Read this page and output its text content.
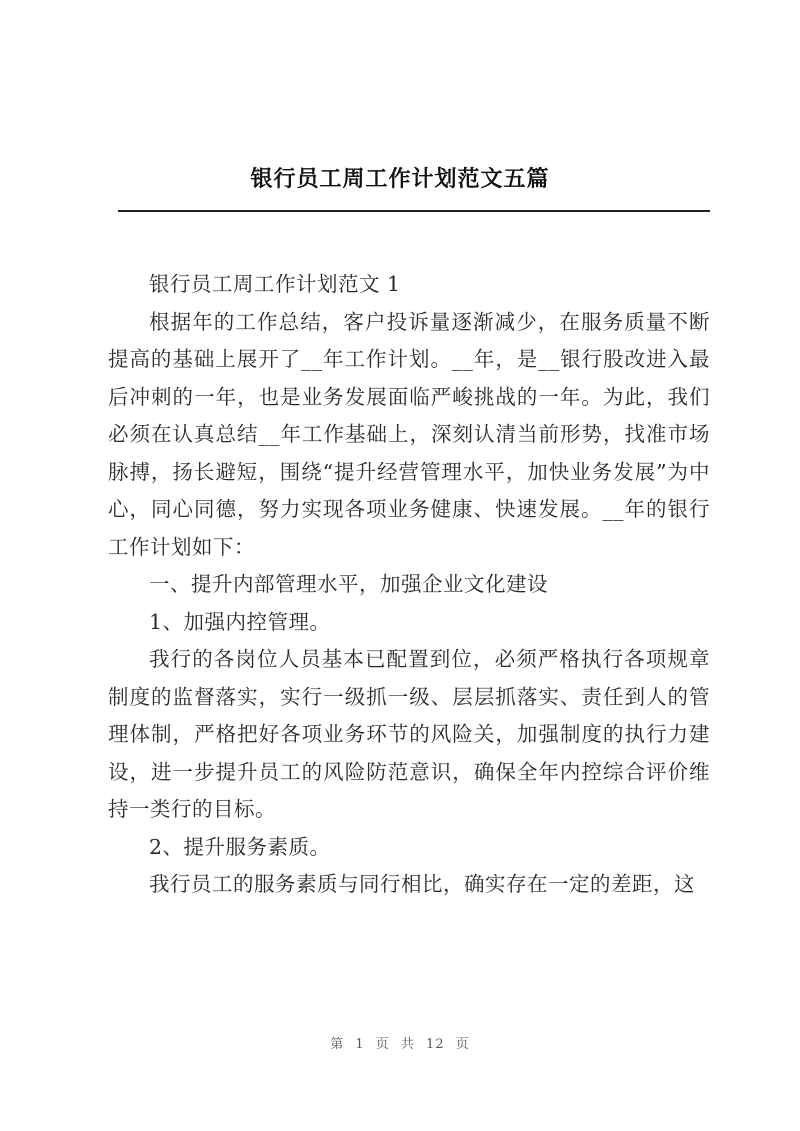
银行员工周工作计划范文五篇

银行员工周工作计划范文 1

根据年的工作总结，客户投诉量逐渐减少，在服务质量不断提高的基础上展开了__年工作计划。__年，是__银行股改进入最后冲刺的一年，也是业务发展面临严峻挑战的一年。为此，我们必须在认真总结__年工作基础上，深刻认清当前形势，找准市场脉搏，扬长避短，围绕“提升经营管理水平，加快业务发展”为中心，同心同德，努力实现各项业务健康、快速发展。__年的银行工作计划如下：

一、提升内部管理水平，加强企业文化建设

1、加强内控管理。

我行的各岗位人员基本已配置到位，必须严格执行各项规章制度的监督落实，实行一级抓一级、层层抓落实、责任到人的管理体制，严格把好各项业务环节的风险关，加强制度的执行力建设，进一步提升员工的风险防范意识，确保全年内控综合评价维持一类行的目标。

2、提升服务素质。

我行员工的服务素质与同行相比，确实存在一定的差距，这

第 1 页 共 12 页
